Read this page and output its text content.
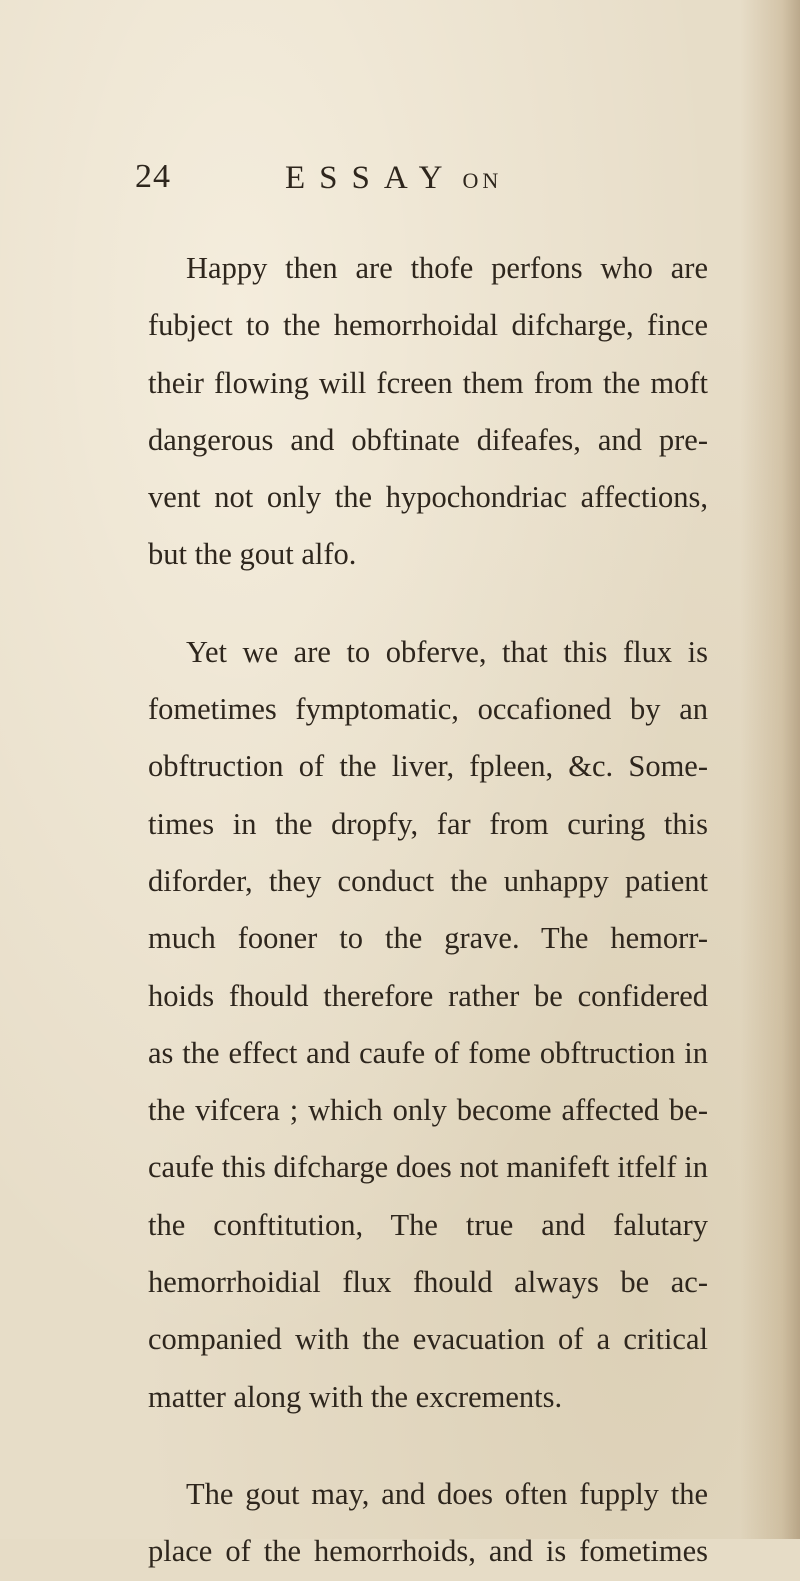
24	ESSAY ON
Happy then are thofe perfons who are
fubject to the hemorrhoidal difcharge, fince
their flowing will fcreen them from the moft
dangerous and obftinate difeafes, and pre-
vent not only the hypochondriac affections,
but the gout alfo.
Yet we are to obferve, that this flux is
fometimes fymptomatic, occafioned by an
obftruction of the liver, fpleen, &c. Some-
times in the dropfy, far from curing this
diforder, they conduct the unhappy patient
much fooner to the grave. The hemorr-
hoids fhould therefore rather be confidered
as the effect and caufe of fome obftruction in
the vifcera ; which only become affected be-
caufe this difcharge does not manifeft itfelf in
the conftitution, The true and falutary
hemorrhoidial flux fhould always be ac-
companied with the evacuation of a critical
matter along with the excrements.
The gout may, and does often fupply the
place of the hemorrhoids, and is fometimes
